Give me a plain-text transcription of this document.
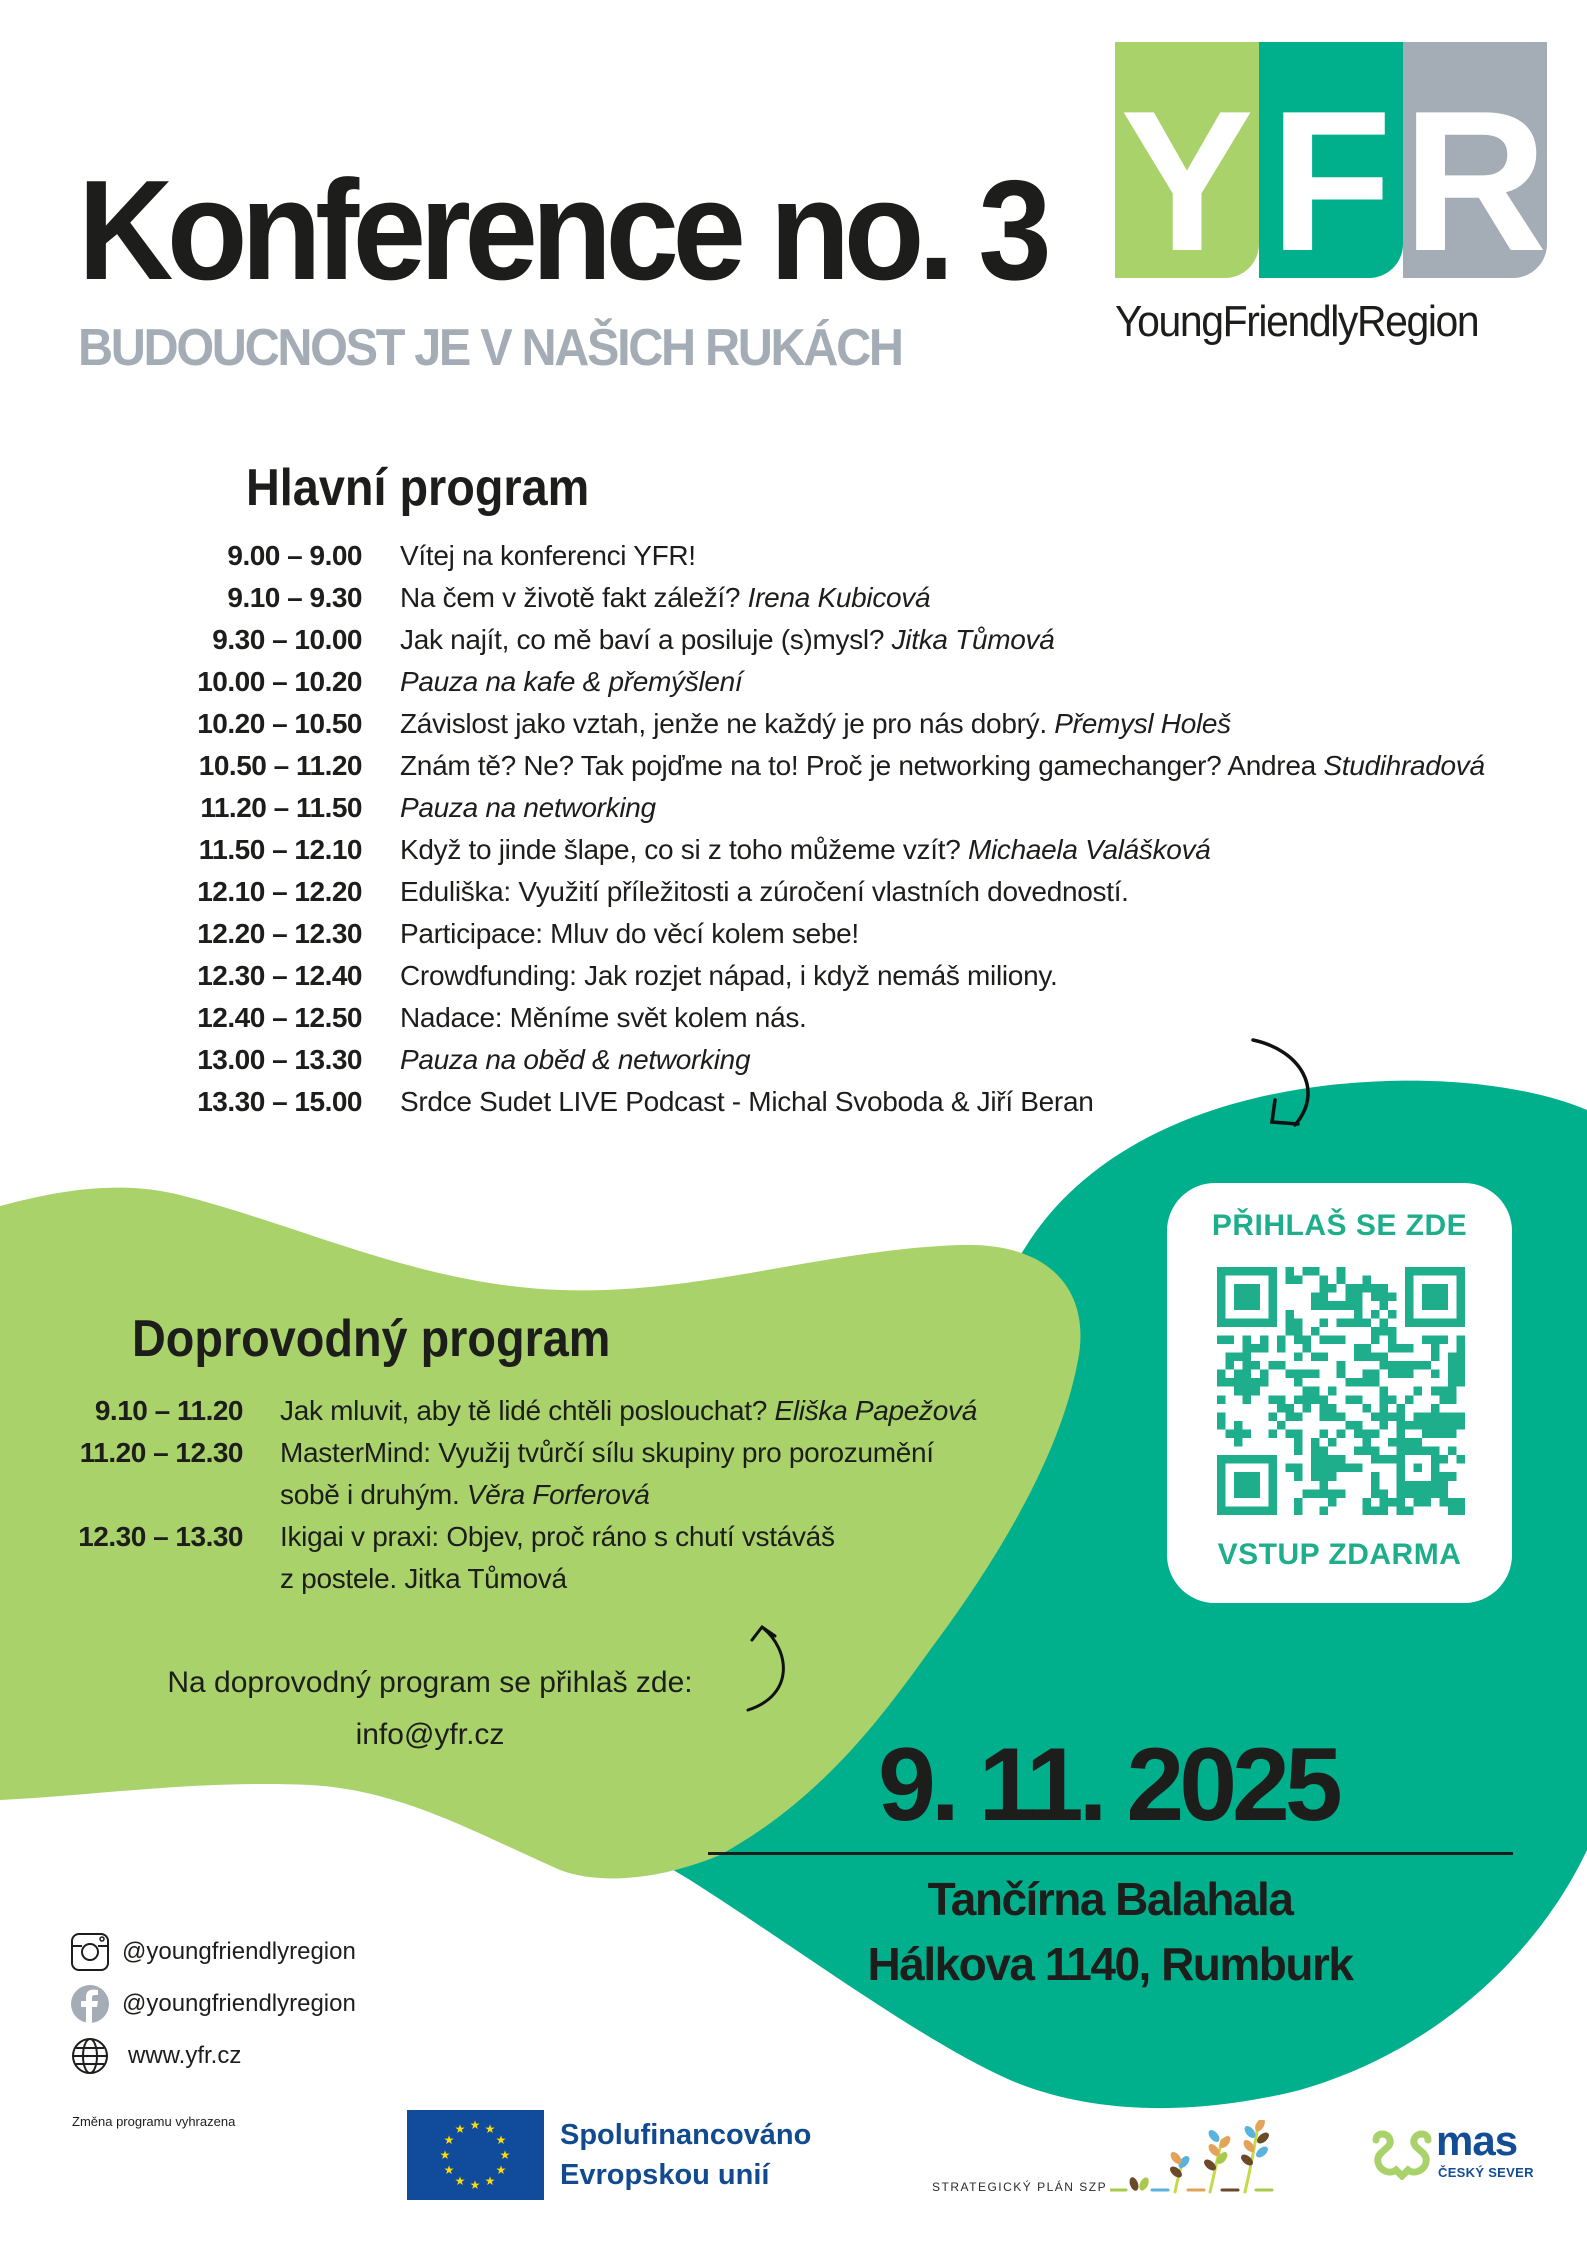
Konference no. 3
BUDOUCNOST JE V NAŠICH RUKÁCH
Y F R
YoungFriendlyRegion
Hlavní program
9.00 – 9.00 Vítej na konferenci YFR!
9.10 – 9.30 Na čem v životě fakt záleží? Irena Kubicová
9.30 – 10.00 Jak najít, co mě baví a posiluje (s)mysl? Jitka Tůmová
10.00 – 10.20 Pauza na kafe & přemýšlení
10.20 – 10.50 Závislost jako vztah, jenže ne každý je pro nás dobrý. Přemysl Holeš
10.50 – 11.20 Znám tě? Ne? Tak pojďme na to! Proč je networking gamechanger? Andrea Studihradová
11.20 – 11.50 Pauza na networking
11.50 – 12.10 Když to jinde šlape, co si z toho můžeme vzít? Michaela Valášková
12.10 – 12.20 Eduliška: Využití příležitosti a zúročení vlastních dovedností.
12.20 – 12.30 Participace: Mluv do věcí kolem sebe!
12.30 – 12.40 Crowdfunding: Jak rozjet nápad, i když nemáš miliony.
12.40 – 12.50 Nadace: Měníme svět kolem nás.
13.00 – 13.30 Pauza na oběd & networking
13.30 – 15.00 Srdce Sudet LIVE Podcast - Michal Svoboda & Jiří Beran
Doprovodný program
9.10 – 11.20 Jak mluvit, aby tě lidé chtěli poslouchat? Eliška Papežová
11.20 – 12.30 MasterMind: Využij tvůrčí sílu skupiny pro porozumění
sobě i druhým. Věra Forferová
12.30 – 13.30 Ikigai v praxi: Objev, proč ráno s chutí vstáváš
z postele. Jitka Tůmová
Na doprovodný program se přihlaš zde:
info@yfr.cz
PŘIHLAŠ SE ZDE
VSTUP ZDARMA
9. 11. 2025
Tančírna Balahala
Hálkova 1140, Rumburk
@youngfriendlyregion
@youngfriendlyregion
www.yfr.cz
Změna programu vyhrazena	★ ★
★
★
★
★
★
★
★
★
★
★	Spolufinancováno
Evropskou unií	STRATEGICKÝ PLÁN SZP
mas
ČESKÝ SEVER
